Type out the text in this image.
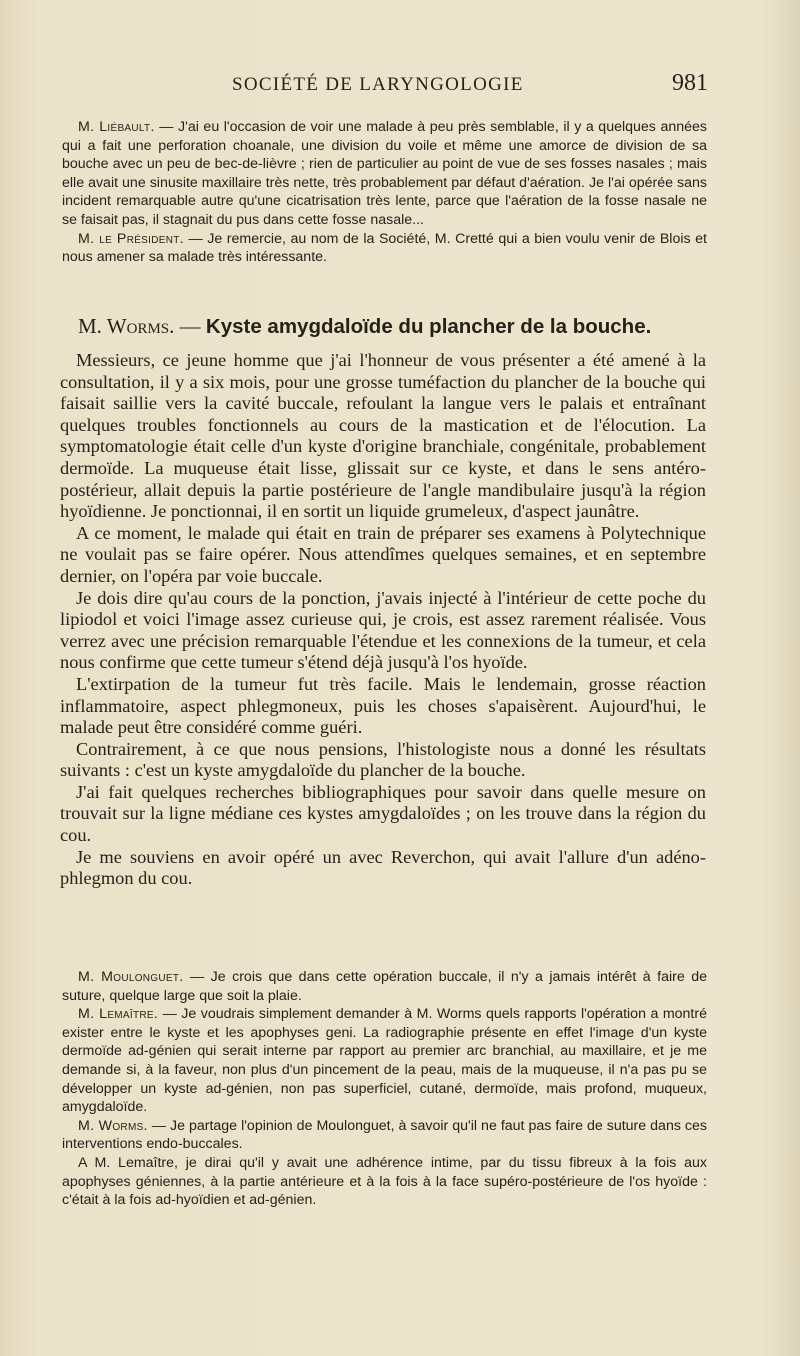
SOCIÉTÉ DE LARYNGOLOGIE	981

M. Liébault. — J'ai eu l'occasion de voir une malade à peu près semblable, il y a quelques années qui a fait une perforation choanale, une division du voile et même une amorce de division de sa bouche avec un peu de bec-de-lièvre ; rien de particulier au point de vue de ses fosses nasales ; mais elle avait une sinusite maxillaire très nette, très probablement par défaut d'aération. Je l'ai opérée sans incident remarquable autre qu'une cicatrisation très lente, parce que l'aération de la fosse nasale ne se faisait pas, il stagnait du pus dans cette fosse nasale...

M. le Président. — Je remercie, au nom de la Société, M. Cretté qui a bien voulu venir de Blois et nous amener sa malade très intéressante.

M. Worms. — Kyste amygdaloïde du plancher de la bouche.

Messieurs, ce jeune homme que j'ai l'honneur de vous présenter a été amené à la consultation, il y a six mois, pour une grosse tuméfaction du plancher de la bouche qui faisait saillie vers la cavité buccale, refoulant la langue vers le palais et entraînant quelques troubles fonctionnels au cours de la mastication et de l'élocution. La symptomatologie était celle d'un kyste d'origine branchiale, congénitale, probablement dermoïde. La muqueuse était lisse, glissait sur ce kyste, et dans le sens antéro-postérieur, allait depuis la partie postérieure de l'angle mandibulaire jusqu'à la région hyoïdienne. Je ponctionnai, il en sortit un liquide grumeleux, d'aspect jaunâtre.

A ce moment, le malade qui était en train de préparer ses examens à Polytechnique ne voulait pas se faire opérer. Nous attendîmes quelques semaines, et en septembre dernier, on l'opéra par voie buccale.

Je dois dire qu'au cours de la ponction, j'avais injecté à l'intérieur de cette poche du lipiodol et voici l'image assez curieuse qui, je crois, est assez rarement réalisée. Vous verrez avec une précision remarquable l'étendue et les connexions de la tumeur, et cela nous confirme que cette tumeur s'étend déjà jusqu'à l'os hyoïde.

L'extirpation de la tumeur fut très facile. Mais le lendemain, grosse réaction inflammatoire, aspect phlegmoneux, puis les choses s'apaisèrent. Aujourd'hui, le malade peut être considéré comme guéri.

Contrairement, à ce que nous pensions, l'histologiste nous a donné les résultats suivants : c'est un kyste amygdaloïde du plancher de la bouche.

J'ai fait quelques recherches bibliographiques pour savoir dans quelle mesure on trouvait sur la ligne médiane ces kystes amygdaloïdes ; on les trouve dans la région du cou.

Je me souviens en avoir opéré un avec Reverchon, qui avait l'allure d'un adéno-phlegmon du cou.

M. Moulonguet. — Je crois que dans cette opération buccale, il n'y a jamais intérêt à faire de suture, quelque large que soit la plaie.

M. Lemaître. — Je voudrais simplement demander à M. Worms quels rapports l'opération a montré exister entre le kyste et les apophyses geni. La radiographie présente en effet l'image d'un kyste dermoïde ad-génien qui serait interne par rapport au premier arc branchial, au maxillaire, et je me demande si, à la faveur, non plus d'un pincement de la peau, mais de la muqueuse, il n'a pas pu se développer un kyste ad-génien, non pas superficiel, cutané, dermoïde, mais profond, muqueux, amygdaloïde.

M. Worms. — Je partage l'opinion de Moulonguet, à savoir qu'il ne faut pas faire de suture dans ces interventions endo-buccales.

A M. Lemaître, je dirai qu'il y avait une adhérence intime, par du tissu fibreux à la fois aux apophyses géniennes, à la partie antérieure et à la fois à la face supéro-postérieure de l'os hyoïde : c'était à la fois ad-hyoïdien et ad-génien.
